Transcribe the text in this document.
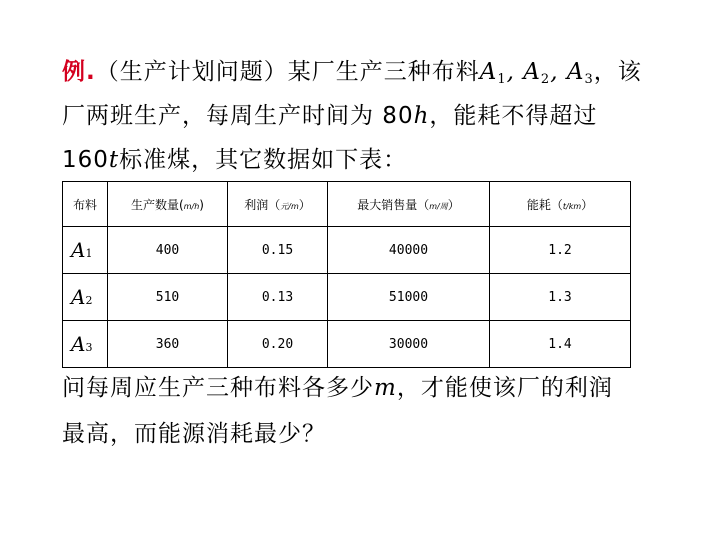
例.（生产计划问题）某厂生产三种布料$A_1$, $A_2$, $A_3$，该
厂两班生产，每周生产时间为 80h，能耗不得超过
160t标准煤，其它数据如下表：
布料	生产数量(m/h)	利润（元/m）	最大销售量（m/周）	能耗（t/km）
A1	400	0.15	40000	1.2
A2	510	0.13	51000	1.3
A3	360	0.20	30000	1.4
问每周应生产三种布料各多少m，才能使该厂的利润
最高，而能源消耗最少？
